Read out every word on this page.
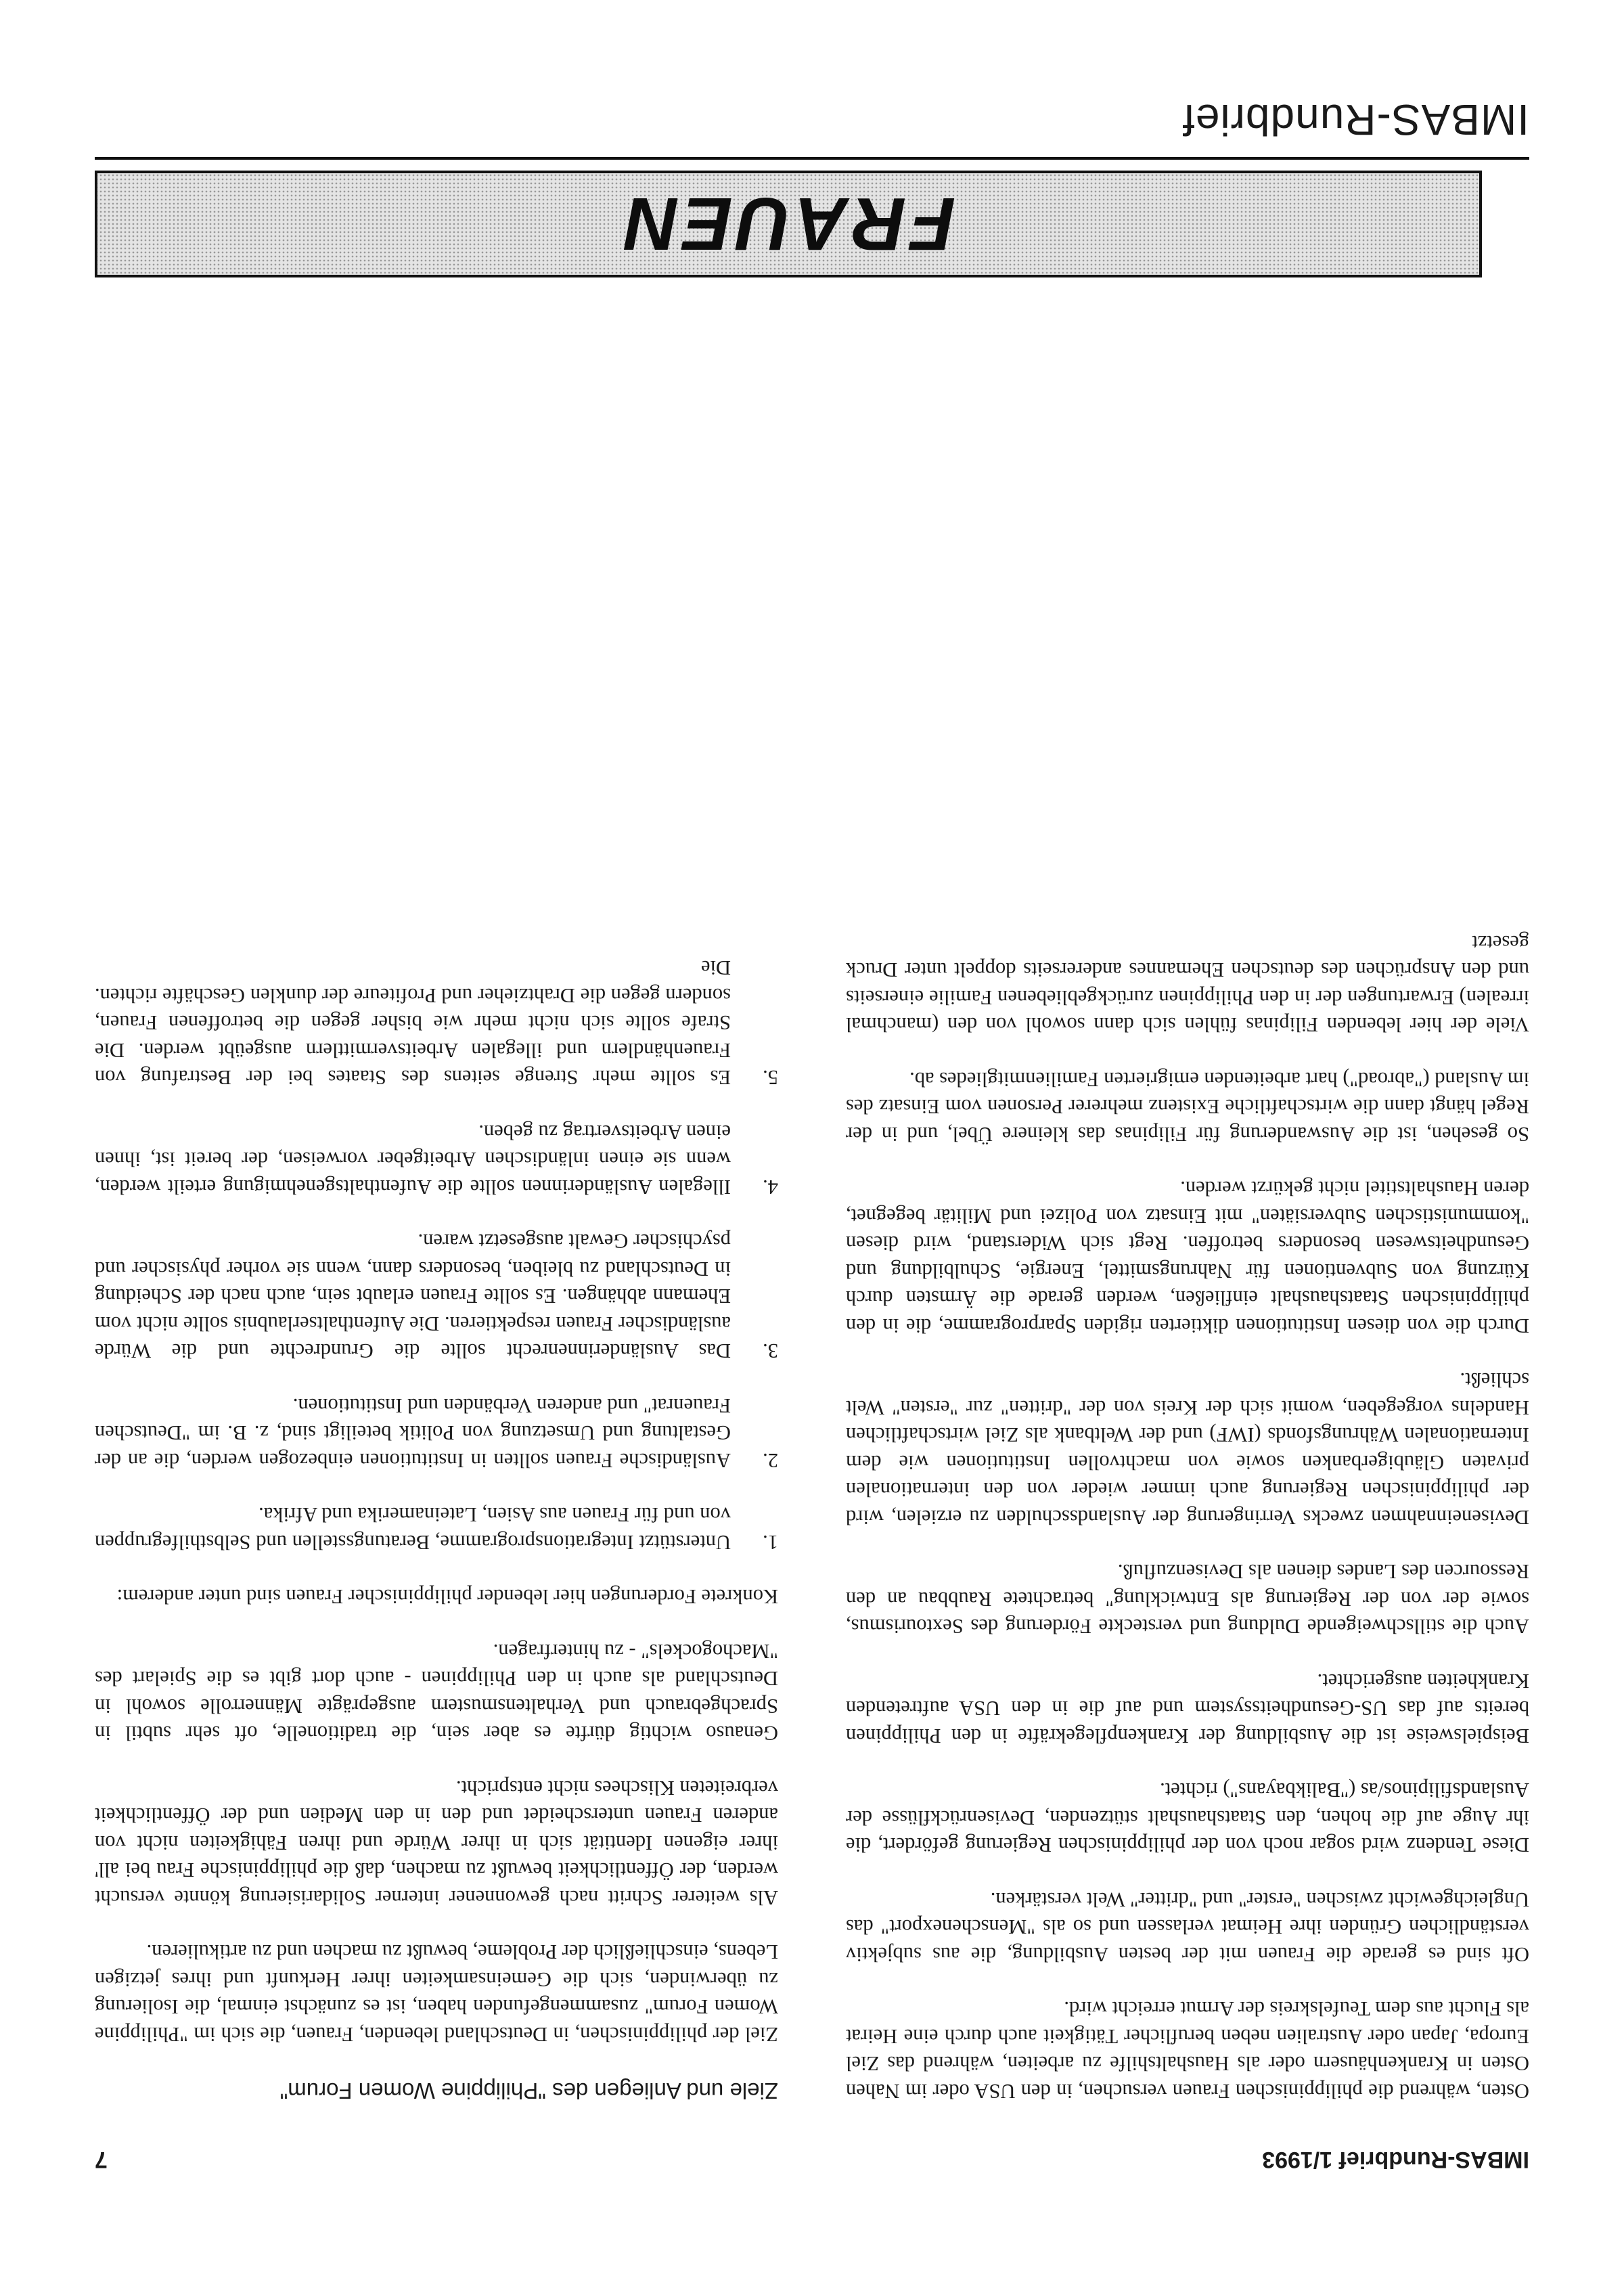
IMBAS-Rundbrief 1/1993
7

Osten, während die philippinischen Frauen versuchen, in den USA oder im Nahen Osten in Krankenhäusern oder als Haushaltshilfe zu arbeiten, während das Ziel Europa, Japan oder Australien neben beruflicher Tätigkeit auch durch eine Heirat als Flucht aus dem Teufelskreis der Armut erreicht wird.

Oft sind es gerade die Frauen mit der besten Ausbildung, die aus subjektiv verständlichen Gründen ihre Heimat verlassen und so als "Menschenexport" das Ungleichgewicht zwischen "erster" und "dritter" Welt verstärken.

Diese Tendenz wird sogar noch von der philippinischen Regierung gefördert, die ihr Auge auf die hohen, den Staatshaushalt stützenden, Devisenrückflüsse der Auslandsfilipinos/as ("Balikbayans") richtet.

Beispielsweise ist die Ausbildung der Krankenpflegekräfte in den Philippinen bereits auf das US-Gesundheitssystem und auf die in den USA auftretenden Krankheiten ausgerichtet.

Auch die stillschweigende Duldung und versteckte Förderung des Sextourismus, sowie der von der Regierung als Entwicklung" betrachtete Raubbau an den Ressourcen des Landes dienen als Devisenzufluß.

Deviseneinnahmen zwecks Verringerung der Auslandsschulden zu erzielen, wird der philippinischen Regierung auch immer wieder von den internationalen privaten Gläubigerbanken sowie von machtvollen Institutionen wie dem Internationalen Währungsfonds (IWF) und der Weltbank als Ziel wirtschaftlichen Handelns vorgegeben, womit sich der Kreis von der "dritten" zur "ersten" Welt schließt.

Durch die von diesen Institutionen diktierten rigiden Sparprogramme, die in den philippinischen Staatshaushalt einfließen, werden gerade die Ärmsten durch Kürzung von Subventionen für Nahrungsmittel, Energie, Schulbildung und Gesundheitswesen besonders betroffen. Regt sich Widerstand, wird diesen "kommunistischen Subversiäten" mit Einsatz von Polizei und Militär begegnet, deren Haushaltstitel nicht gekürzt werden.

So gesehen, ist die Auswanderung für Filipinas das kleinere Übel, und in der Regel hängt dann die wirtschaftliche Existenz mehrerer Personen vom Einsatz des im Ausland ("abroad") hart arbeitenden emigrierten Familienmitgliedes ab.

Viele der hier lebenden Filipinas fühlen sich dann sowohl von den (manchmal irrealen) Erwartungen der in den Philippinen zurückgebliebenen Familie einerseits und den Ansprüchen des deutschen Ehemannes andererseits doppelt unter Druck gesetzt

Ziele und Anliegen des "Philippine Women Forum"

Ziel der philippinischen, in Deutschland lebenden, Frauen, die sich im "Philippine Women Forum" zusammengefunden haben, ist es zunächst einmal, die Isolierung zu überwinden, sich die Gemeinsamkeiten ihrer Herkunft und ihres jetzigen Lebens, einschließlich der Probleme, bewußt zu machen und zu artikulieren.

Als weiterer Schritt nach gewonnener interner Solidarisierung könnte versucht werden, der Öffentlichkeit bewußt zu machen, daß die philippinische Frau bei all' ihrer eigenen Identität sich in ihrer Würde und ihren Fähigkeiten nicht von anderen Frauen unterscheidet und den in den Medien und der Öffentlichkeit verbreiteten Klischees nicht entspricht.

Genauso wichtig dürfte es aber sein, die traditionelle, oft sehr subtil in Sprachgebrauch und Verhaltensmustern ausgeprägte Männerrolle sowohl in Deutschland als auch in den Philippinen - auch dort gibt es die Spielart des "Machogockels" - zu hinterfragen.

Konkrete Forderungen hier lebender philippinischer Frauen sind unter anderem:

1.
Unterstützt Integrationsprogramme, Beratungsstellen und Selbsthilfegruppen von und für Frauen aus Asien, Lateinamerika und Afrika.
2.
Ausländische Frauen sollten in Institutionen einbezogen werden, die an der Gestaltung und Umsetzung von Politik beteiligt sind, z. B. im "Deutschen Frauenrat" und anderen Verbänden und Institutionen.
3.
Das Ausländerinnenrecht sollte die Grundrechte und die Würde ausländischer Frauen respektieren. Die Aufenthaltserlaubnis sollte nicht vom Ehemann abhängen. Es sollte Frauen erlaubt sein, auch nach der Scheidung in Deutschland zu bleiben, besonders dann, wenn sie vorher physischer und psychischer Gewalt ausgesetzt waren.
4.
Illegalen Ausländerinnen sollte die Aufenthaltsgenehmigung erteilt werden, wenn sie einen inländischen Arbeitgeber vorweisen, der bereit ist, ihnen einen Arbeitsvertrag zu geben.
5.
Es sollte mehr Strenge seitens des Staates bei der Bestrafung von Frauenhändlern und illegalen Arbeitsvermittlern ausgeübt werden. Die Strafe sollte sich nicht mehr wie bisher gegen die betroffenen Frauen, sondern gegen die Drahtzieher und Profiteure der dunklen Geschäfte richten. Die
FRAUEN
IMBAS-Rundbrief
